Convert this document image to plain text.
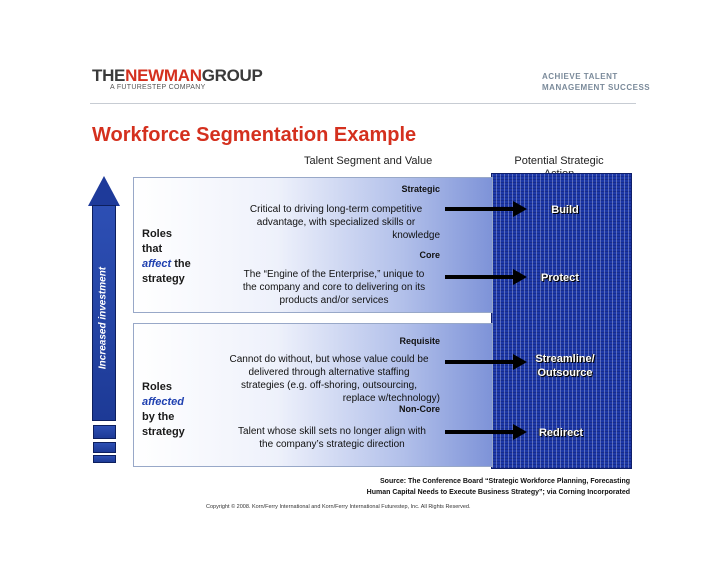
THENEWMANGROUP
A FUTURESTEP COMPANY
ACHIEVE TALENT
MANAGEMENT SUCCESS
Workforce Segmentation Example
Talent Segment and Value	Potential Strategic
Increased investment
Roles
that
affect the
strategy
Roles
affected
by the
strategy
Strategic
Critical to driving long-term competitive
advantage, with specialized skills or
knowledge
Core
The “Engine of the Enterprise,” unique to
the company and core to delivering on its
products and/or services
Requisite
Cannot do without, but whose value could be
delivered through alternative staffing
strategies (e.g. off-shoring, outsourcing,
replace w/technology)
Non-Core
Talent whose skill sets no longer align with
the company’s strategic direction
Build
Protect
Streamline/
Outsource
Redirect
Source: The Conference Board “Strategic Workforce Planning, Forecasting
Human Capital Needs to Execute Business Strategy”; via Corning Incorporated
Copyright © 2008. Korn/Ferry International and Korn/Ferry International Futurestep, Inc. All Rights Reserved.
